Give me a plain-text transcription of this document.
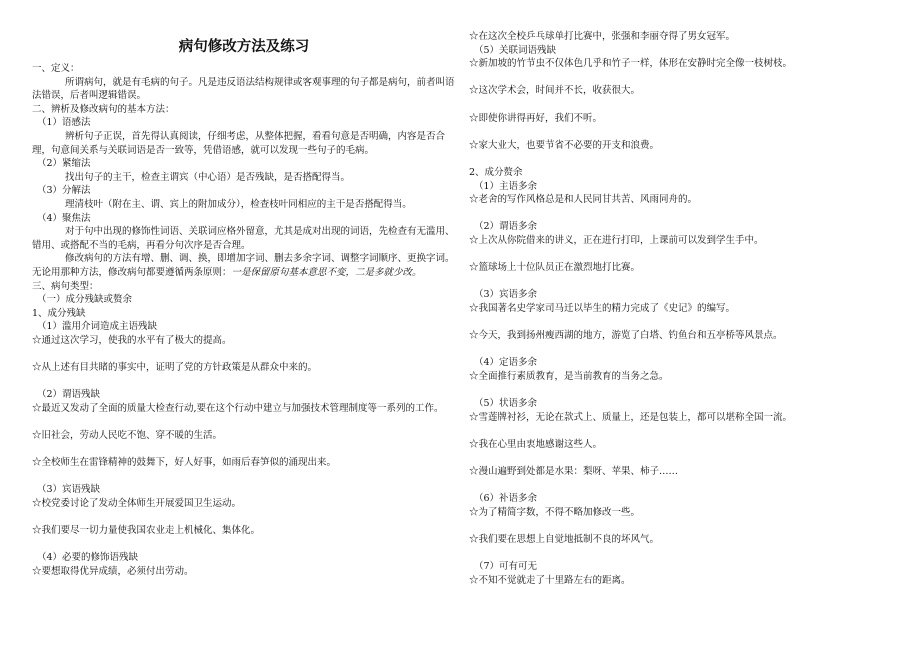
病句修改方法及练习
一、定义：

所谓病句，就是有毛病的句子。凡是违反语法结构规律或客观事理的句子都是病句，前者叫语法错误，后者叫逻辑错误。

二、辨析及修改病句的基本方法：
（1）语感法

辨析句子正误，首先得认真阅读，仔细考虑，从整体把握，看看句意是否明确，内容是否合理，句意间关系与关联词语是否一致等，凭借语感，就可以发现一些句子的毛病。

（2）紧缩法

找出句子的主干，检查主谓宾（中心语）是否残缺，是否搭配得当。

（3）分解法

理清枝叶（附在主、谓、宾上的附加成分），检查枝叶同相应的主干是否搭配得当。

（4）聚焦法

对于句中出现的修饰性词语、关联词应格外留意，尤其是成对出现的词语，先检查有无滥用、错用、或搭配不当的毛病，再看分句次序是否合理。

修改病句的方法有增、删、调、换，即增加字词、删去多余字词、调整字词顺序、更换字词。无论用那种方法，修改病句都要遵循两条原则：一是保留原句基本意思不变，二是多就少改。

三、病句类型：
（一）成分残缺或赘余
1、成分残缺
（1）滥用介词造成主语残缺
☆通过这次学习，使我的水平有了极大的提高。
☆从上述有目共睹的事实中，证明了党的方针政策是从群众中来的。
（2）谓语残缺
☆最近又发动了全面的质量大检查行动,要在这个行动中建立与加强技术管理制度等一系列的工作。
☆旧社会，劳动人民吃不饱、穿不暖的生活。
☆全校师生在雷锋精神的鼓舞下，好人好事，如雨后春笋似的涌现出来。
（3）宾语残缺
☆校党委讨论了发动全体师生开展爱国卫生运动。
☆我们要尽一切力量使我国农业走上机械化、集体化。
（4）必要的修饰语残缺
☆要想取得优异成绩，必须付出劳动。
☆在这次全校乒乓球单打比赛中，张强和李丽夺得了男女冠军。
（5）关联词语残缺
☆新加坡的竹节虫不仅体色几乎和竹子一样，体形在安静时完全像一枝树枝。
☆这次学术会，时间并不长，收获很大。
☆即使你讲得再好，我们不听。
☆家大业大，也要节省不必要的开支和浪费。
2、成分赘余
（1）主语多余
☆老舍的写作风格总是和人民同甘共苦、风雨同舟的。
（2）谓语多余
☆上次从你院借来的讲义，正在进行打印，上课前可以发到学生手中。
☆篮球场上十位队员正在激烈地打比赛。
（3）宾语多余
☆我国著名史学家司马迁以毕生的精力完成了《史记》的编写。
☆今天，我到扬州瘦西湖的地方，游览了白塔、钓鱼台和五亭桥等风景点。
（4）定语多余
☆全面推行素质教育，是当前教育的当务之急。
（5）状语多余
☆雪莲牌衬衫，无论在款式上、质量上，还是包装上，都可以堪称全国一流。
☆我在心里由衷地感谢这些人。
☆漫山遍野到处都是水果：梨呀、苹果、柿子……
（6）补语多余
☆为了精简字数，不得不略加修改一些。
☆我们要在思想上自觉地抵制不良的坏风气。
（7）可有可无
☆不知不觉就走了十里路左右的距离。
